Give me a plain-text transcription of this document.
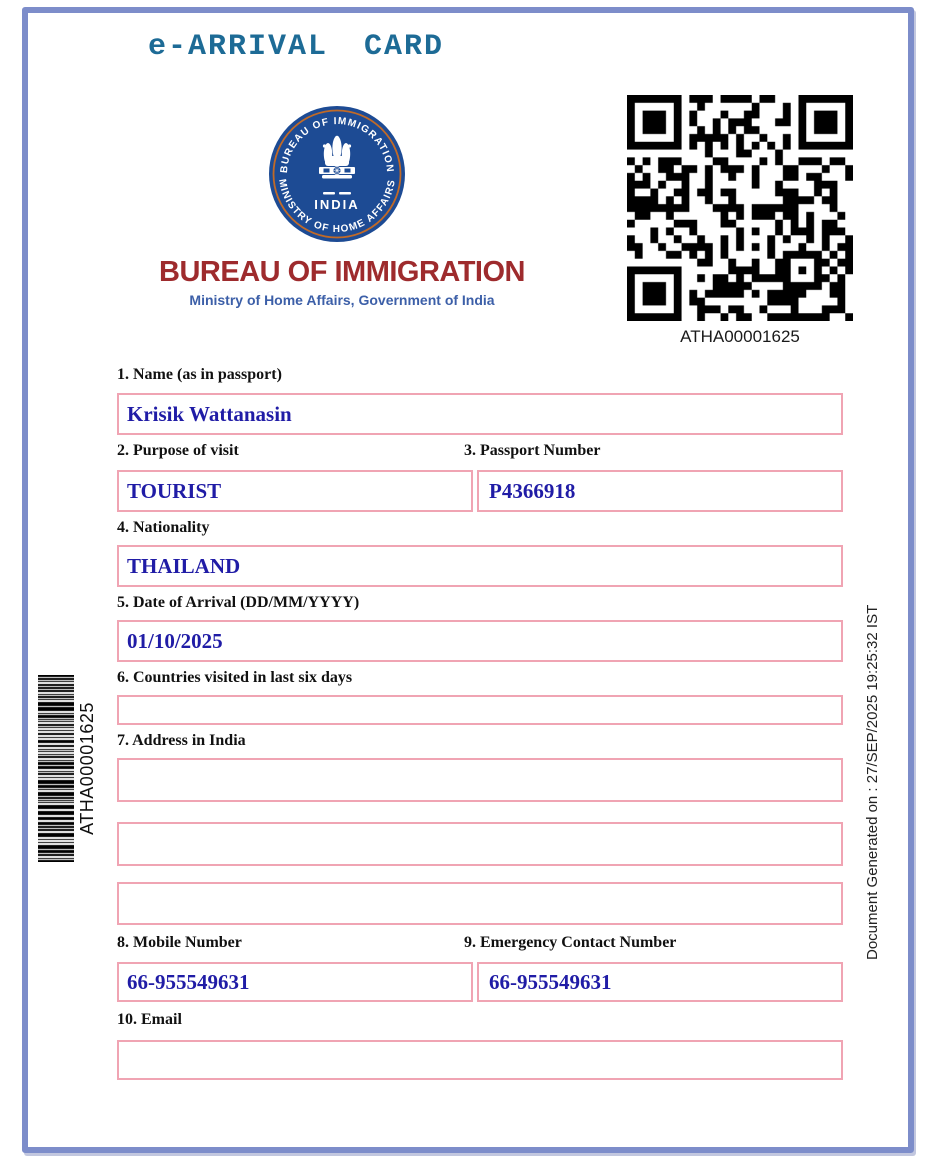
e-ARRIVAL CARD
BUREAU OF IMMIGRATION
MINISTRY OF HOME AFFAIRS
INDIA
BUREAU OF IMMIGRATION
Ministry of Home Affairs, Government of India
ATHA00001625
1. Name (as in passport)
Krisik Wattanasin
2. Purpose of visit	3. Passport Number
TOURIST	P4366918
4. Nationality
THAILAND
5. Date of Arrival (DD/MM/YYYY)
01/10/2025
6. Countries visited in last six days
7. Address in India
8. Mobile Number	9. Emergency Contact Number
66-955549631	66-955549631
10. Email
ATHA00001625	Document Generated on : 27/SEP/2025 19:25:32 IST
